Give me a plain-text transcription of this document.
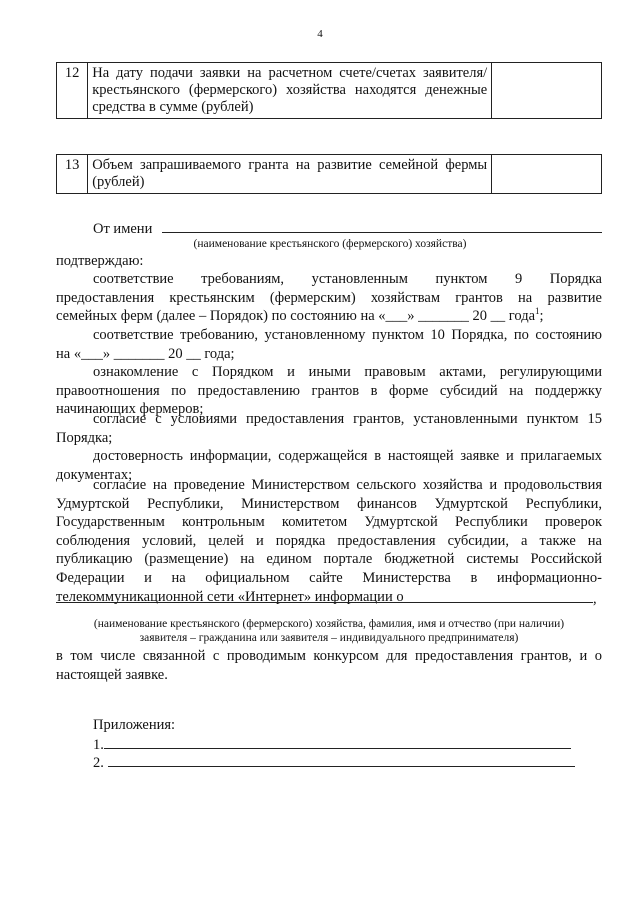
4
12	На дату подачи заявки на расчетном счете/счетах заявителя/крестьянского (фермерского) хозяйства находятся денежные средства в сумме (рублей)	
13	Объем запрашиваемого гранта на развитие семейной фермы (рублей)	
От имени
(наименование крестьянского (фермерского) хозяйства)
подтверждаю:
соответствие требованиям, установленным пунктом 9 Порядка
предоставления крестьянским (фермерским) хозяйствам грантов на развитие
семейных ферм (далее – Порядок) по состоянию на «___» _______ 20 __ года$^1$;
соответствие требованию, установленному пунктом 10 Порядка, по состоянию
на «___» _______ 20 __ года;
ознакомление с Порядком и иными правовым актами, регулирующими правоотношения по предоставлению грантов в форме субсидий на поддержку начинающих фермеров;
согласие с условиями предоставления грантов, установленными пунктом 15 Порядка;
достоверность информации, содержащейся в настоящей заявке и прилагаемых документах;
согласие на проведение Министерством сельского хозяйства и продовольствия Удмуртской Республики, Министерством финансов Удмуртской Республики, Государственным контрольным комитетом Удмуртской Республики проверок соблюдения условий, целей и порядка предоставления субсидии, а также на публикацию (размещение) на едином портале бюджетной системы Российской Федерации и на официальном сайте Министерства в информационно-телекоммуникационной сети «Интернет» информации о	,
(наименование крестьянского (фермерского) хозяйства, фамилия, имя и отчество (при наличии)
заявителя – гражданина или заявителя – индивидуального предпринимателя)
в том числе связанной с проводимым конкурсом для предоставления грантов, и о настоящей заявке.
Приложения:
1.
2.
